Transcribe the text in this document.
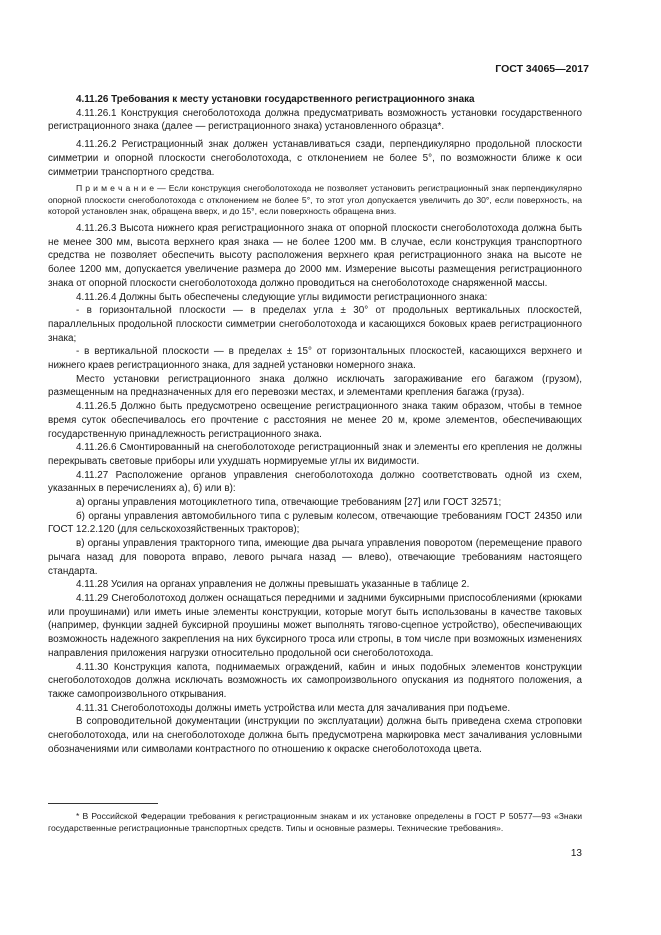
ГОСТ 34065—2017

4.11.26 Требования к месту установки государственного регистрационного знака

4.11.26.1 Конструкция снегоболотохода должна предусматривать возможность установки государственного регистрационного знака (далее — регистрационного знака) установленного образца*.

4.11.26.2 Регистрационный знак должен устанавливаться сзади, перпендикулярно продольной плоскости симметрии и опорной плоскости снегоболотохода, с отклонением не более 5°, по возможности ближе к оси симметрии транспортного средства.

П р и м е ч а н и е — Если конструкция снегоболотохода не позволяет установить регистрационный знак перпендикулярно опорной плоскости снегоболотохода с отклонением не более 5°, то этот угол допускается увеличить до 30°, если поверхность, на которой установлен знак, обращена вверх, и до 15°, если поверхность обращена вниз.

4.11.26.3 Высота нижнего края регистрационного знака от опорной плоскости снегоболотохода должна быть не менее 300 мм, высота верхнего края знака — не более 1200 мм. В случае, если конструкция транспортного средства не позволяет обеспечить высоту расположения верхнего края регистрационного знака на высоте не более 1200 мм, допускается увеличение размера до 2000 мм. Измерение высоты размещения регистрационного знака от опорной плоскости снегоболотохода должно проводиться на снегоболотоходе снаряженной массы.

4.11.26.4 Должны быть обеспечены следующие углы видимости регистрационного знака:

- в горизонтальной плоскости — в пределах угла ± 30° от продольных вертикальных плоскостей, параллельных продольной плоскости симметрии снегоболотохода и касающихся боковых краев регистрационного знака;

- в вертикальной плоскости — в пределах ± 15° от горизонтальных плоскостей, касающихся верхнего и нижнего краев регистрационного знака, для задней установки номерного знака.

Место установки регистрационного знака должно исключать загораживание его багажом (грузом), размещенным на предназначенных для его перевозки местах, и элементами крепления багажа (груза).

4.11.26.5 Должно быть предусмотрено освещение регистрационного знака таким образом, чтобы в темное время суток обеспечивалось его прочтение с расстояния не менее 20 м, кроме элементов, обеспечивающих государственную принадлежность регистрационного знака.

4.11.26.6 Смонтированный на снегоболотоходе регистрационный знак и элементы его крепления не должны перекрывать световые приборы или ухудшать нормируемые углы их видимости.

4.11.27 Расположение органов управления снегоболотохода должно соответствовать одной из схем, указанных в перечислениях а), б) или в):

а) органы управления мотоциклетного типа, отвечающие требованиям [27] или ГОСТ 32571;

б) органы управления автомобильного типа с рулевым колесом, отвечающие требованиям ГОСТ 24350 или ГОСТ 12.2.120 (для сельскохозяйственных тракторов);

в) органы управления тракторного типа, имеющие два рычага управления поворотом (перемещение правого рычага назад для поворота вправо, левого рычага назад — влево), отвечающие требованиям настоящего стандарта.

4.11.28 Усилия на органах управления не должны превышать указанные в таблице 2.

4.11.29 Снегоболотоход должен оснащаться передними и задними буксирными приспособлениями (крюками или проушинами) или иметь иные элементы конструкции, которые могут быть использованы в качестве таковых (например, функции задней буксирной проушины может выполнять тягово-сцепное устройство), обеспечивающих возможность надежного закрепления на них буксирного троса или стропы, в том числе при возможных изменениях направления приложения нагрузки относительно продольной оси снегоболотохода.

4.11.30 Конструкция капота, поднимаемых ограждений, кабин и иных подобных элементов конструкции снегоболотоходов должна исключать возможность их самопроизвольного опускания из поднятого положения, а также самопроизвольного открывания.

4.11.31 Снегоболотоходы должны иметь устройства или места для зачаливания при подъеме.

В сопроводительной документации (инструкции по эксплуатации) должна быть приведена схема строповки снегоболотохода, или на снегоболотоходе должна быть предусмотрена маркировка мест зачаливания условными обозначениями или символами контрастного по отношению к окраске снегоболотохода цвета.

* В Российской Федерации требования к регистрационным знакам и их установке определены в ГОСТ Р 50577—93 «Знаки государственные регистрационные транспортных средств. Типы и основные размеры. Технические требования».

13
